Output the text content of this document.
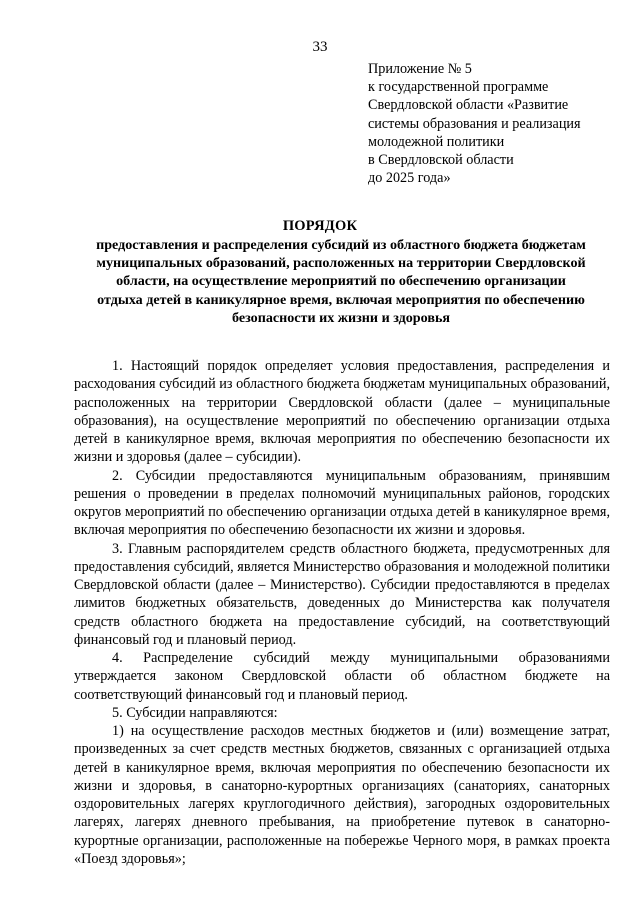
33
Приложение № 5
к государственной программе
Свердловской области «Развитие
системы образования и реализация
молодежной политики
в Свердловской области
до 2025 года»
ПОРЯДОК
предоставления и распределения субсидий из областного бюджета бюджетам
муниципальных образований, расположенных на территории Свердловской
области, на осуществление мероприятий по обеспечению организации
отдыха детей в каникулярное время, включая мероприятия по обеспечению
безопасности их жизни и здоровья

1. Настоящий порядок определяет условия предоставления, распределения и расходования субсидий из областного бюджета бюджетам муниципальных образований, расположенных на территории Свердловской области (далее – муниципальные образования), на осуществление мероприятий по обеспечению организации отдыха детей в каникулярное время, включая мероприятия по обеспечению безопасности их жизни и здоровья (далее – субсидии).

2. Субсидии предоставляются муниципальным образованиям, принявшим решения о проведении в пределах полномочий муниципальных районов, городских округов мероприятий по обеспечению организации отдыха детей в каникулярное время, включая мероприятия по обеспечению безопасности их жизни и здоровья.

3. Главным распорядителем средств областного бюджета, предусмотренных для предоставления субсидий, является Министерство образования и молодежной политики Свердловской области (далее – Министерство). Субсидии предоставляются в пределах лимитов бюджетных обязательств, доведенных до Министерства как получателя средств областного бюджета на предоставление субсидий, на соответствующий финансовый год и плановый период.

4. Распределение субсидий между муниципальными образованиями утверждается законом Свердловской области об областном бюджете на соответствующий финансовый год и плановый период.

5. Субсидии направляются:

1) на осуществление расходов местных бюджетов и (или) возмещение затрат, произведенных за счет средств местных бюджетов, связанных с организацией отдыха детей в каникулярное время, включая мероприятия по обеспечению безопасности их жизни и здоровья, в санаторно-курортных организациях (санаториях, санаторных оздоровительных лагерях круглогодичного действия), загородных оздоровительных лагерях, лагерях дневного пребывания, на приобретение путевок в санаторно-курортные организации, расположенные на побережье Черного моря, в рамках проекта «Поезд здоровья»;
